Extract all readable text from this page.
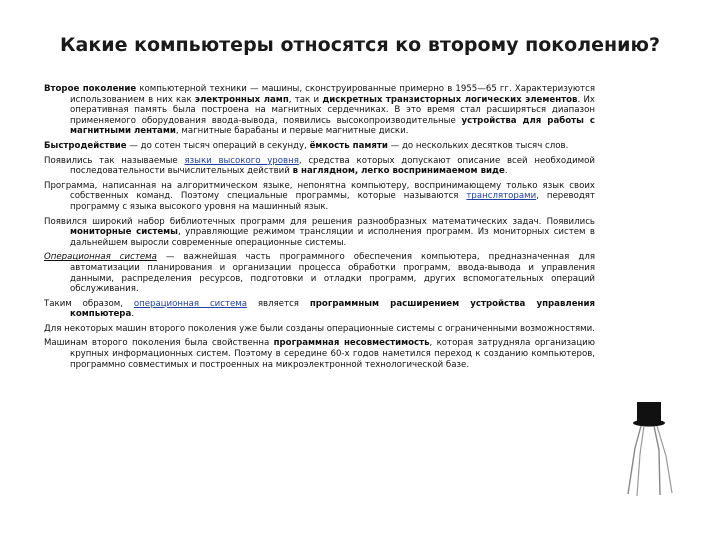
Какие компьютеры относятся ко второму поколению?

Второе поколение компьютерной техники — машины, сконструированные примерно в 1955—65 гг. Характеризуются использованием в них как электронных ламп, так и дискретных транзисторных логических элементов. Их оперативная память была построена на магнитных сердечниках. В это время стал расширяться диапазон применяемого оборудования ввода-вывода, появились высокопроизводительные устройства для работы с магнитными лентами, магнитные барабаны и первые магнитные диски.

Быстродействие — до сотен тысяч операций в секунду, ёмкость памяти — до нескольких десятков тысяч слов.

Появились так называемые языки высокого уровня, средства которых допускают описание всей необходимой последовательности вычислительных действий в наглядном, легко воспринимаемом виде.

Программа, написанная на алгоритмическом языке, непонятна компьютеру, воспринимающему только язык своих собственных команд. Поэтому специальные программы, которые называются трансляторами, переводят программу с языка высокого уровня на машинный язык.

Появился широкий набор библиотечных программ для решения разнообразных математических задач. Появились мониторные системы, управляющие режимом трансляции и исполнения программ. Из мониторных систем в дальнейшем выросли современные операционные системы.

Операционная система — важнейшая часть программного обеспечения компьютера, предназначенная для автоматизации планирования и организации процесса обработки программ, ввода-вывода и управления данными, распределения ресурсов, подготовки и отладки программ, других вспомогательных операций обслуживания.

Таким образом, операционная система является программным расширением устройства управления компьютера.

Для некоторых машин второго поколения уже были созданы операционные системы с ограниченными возможностями.

Машинам второго поколения была свойственна программная несовместимость, которая затрудняла организацию крупных информационных систем. Поэтому в середине 60-х годов наметился переход к созданию компьютеров, программно совместимых и построенных на микроэлектронной технологической базе.
